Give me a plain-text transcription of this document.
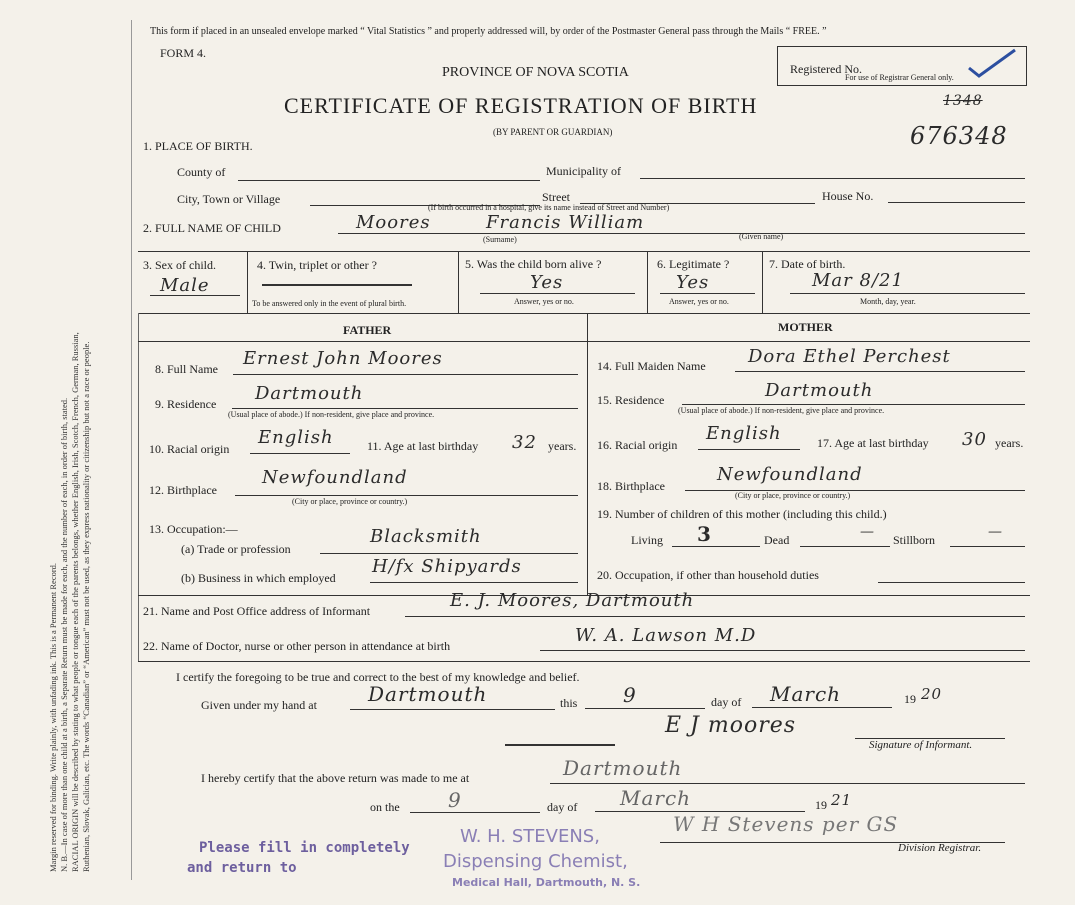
Margin reserved for binding. Write plainly, with unfading ink. This is a Permanent Record. N. B.—In case of more than one child at a birth, a Separate Return must be made for each, and the number of each, in order of birth, stated. RACIAL ORIGIN will be described by stating to what people or tongue each of the parents belongs, whether English, Irish, Scotch, French, German, Russian, Ruthenian, Slovak, Galician, etc. The words “Canadian” or “American” must not be used, as they express nationality or citizenship but not a race or people.
This form if placed in an unsealed envelope marked “ Vital Statistics ” and properly addressed will, by order of the Postmaster General pass through the Mails “ FREE. ”
FORM 4.
PROVINCE OF NOVA SCOTIA
CERTIFICATE OF REGISTRATION OF BIRTH
(BY PARENT OR GUARDIAN)
Registered No.
For use of Registrar General only.
1348
676348
1. PLACE OF BIRTH.
County of	Municipality of
City, Town or Village	Street	House No.
(If birth occurred in a hospital, give its name instead of Street and Number)
2. FULL NAME OF CHILD	Moores	Francis William
(Surname)	(Given name)
3. Sex of child.
Male
4. Twin, triplet or other ?
To be answered only in the event of plural birth.
5. Was the child born alive ?
Yes
Answer, yes or no.
6. Legitimate ?
Yes
Answer, yes or no.
7. Date of birth.
Mar 8/21
Month, day, year.
FATHER	MOTHER
8. Full Name Ernest John Moores
9. Residence Dartmouth
(Usual place of abode.) If non-resident, give place and province.
10. Racial origin
English	11. Age at last birthday 32 years.
12. Birthplace
Newfoundland
(City or place, province or country.)
13. Occupation:—
(a) Trade or profession
Blacksmith
(b) Business in which employed
H/fx Shipyards
14. Full Maiden Name Dora Ethel Perchest
15. Residence	Dartmouth
(Usual place of abode.) If non-resident, give place and province.
16. Racial origin
English	17. Age at last birthday 30 years.
18. Birthplace
Newfoundland
(City or place, province or country.)
19. Number of children of this mother (including this child.)
Living 3	Dead	— Stillborn	—
20. Occupation, if other than household duties
21. Name and Post Office address of Informant	E. J. Moores, Dartmouth
22. Name of Doctor, nurse or other person in attendance at birth	W. A. Lawson M.D
I certify the foregoing to be true and correct to the best of my knowledge and belief.
Given under my hand at	Dartmouth	this 9	day of March	19 20
E J moores
Signature of Informant.
I hereby certify that the above return was made to me at	Dartmouth
on the 9	day of March	19 21
W H Stevens per GS
Division Registrar.
Please fill in completely
and return to
W. H. STEVENS,
Dispensing Chemist,
Medical Hall, Dartmouth, N. S.
